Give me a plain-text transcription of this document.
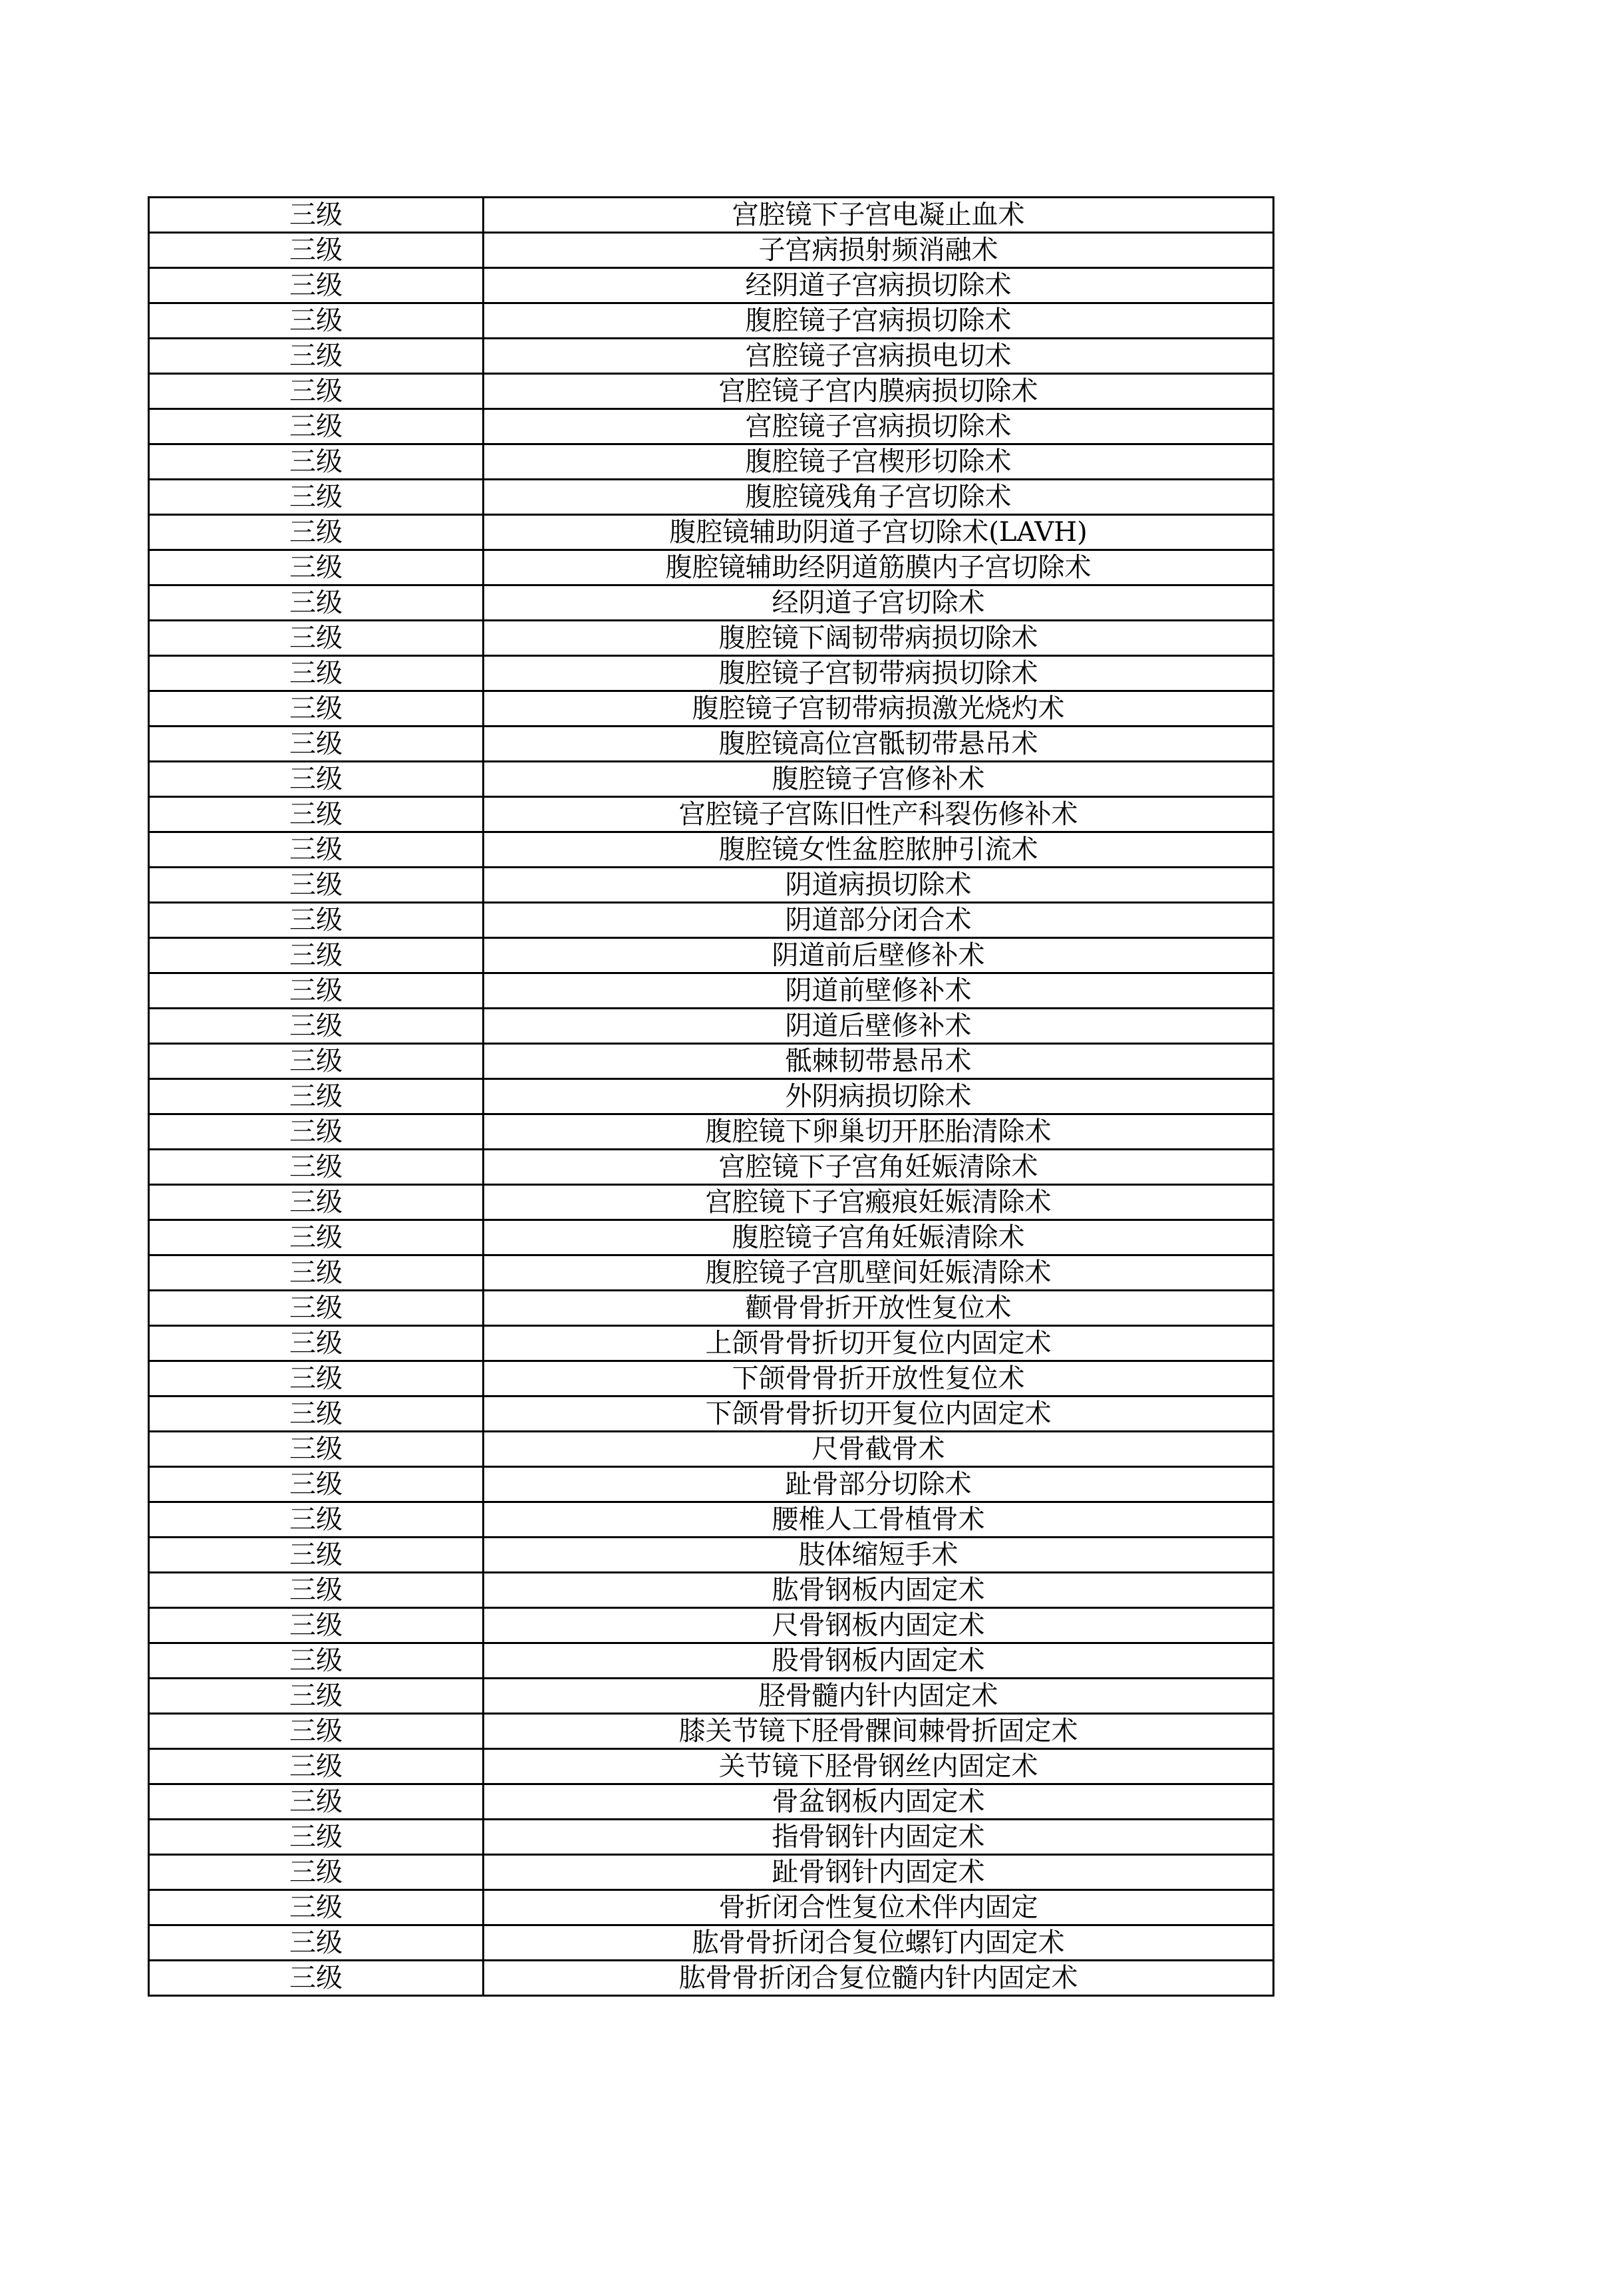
三级	宫腔镜下子宫电凝止血术
三级	子宫病损射频消融术
三级	经阴道子宫病损切除术
三级	腹腔镜子宫病损切除术
三级	宫腔镜子宫病损电切术
三级	宫腔镜子宫内膜病损切除术
三级	宫腔镜子宫病损切除术
三级	腹腔镜子宫楔形切除术
三级	腹腔镜残角子宫切除术
三级	腹腔镜辅助阴道子宫切除术(LAVH)
三级	腹腔镜辅助经阴道筋膜内子宫切除术
三级	经阴道子宫切除术
三级	腹腔镜下阔韧带病损切除术
三级	腹腔镜子宫韧带病损切除术
三级	腹腔镜子宫韧带病损激光烧灼术
三级	腹腔镜高位宫骶韧带悬吊术
三级	腹腔镜子宫修补术
三级	宫腔镜子宫陈旧性产科裂伤修补术
三级	腹腔镜女性盆腔脓肿引流术
三级	阴道病损切除术
三级	阴道部分闭合术
三级	阴道前后壁修补术
三级	阴道前壁修补术
三级	阴道后壁修补术
三级	骶棘韧带悬吊术
三级	外阴病损切除术
三级	腹腔镜下卵巢切开胚胎清除术
三级	宫腔镜下子宫角妊娠清除术
三级	宫腔镜下子宫瘢痕妊娠清除术
三级	腹腔镜子宫角妊娠清除术
三级	腹腔镜子宫肌壁间妊娠清除术
三级	颧骨骨折开放性复位术
三级	上颌骨骨折切开复位内固定术
三级	下颌骨骨折开放性复位术
三级	下颌骨骨折切开复位内固定术
三级	尺骨截骨术
三级	趾骨部分切除术
三级	腰椎人工骨植骨术
三级	肢体缩短手术
三级	肱骨钢板内固定术
三级	尺骨钢板内固定术
三级	股骨钢板内固定术
三级	胫骨髓内针内固定术
三级	膝关节镜下胫骨髁间棘骨折固定术
三级	关节镜下胫骨钢丝内固定术
三级	骨盆钢板内固定术
三级	指骨钢针内固定术
三级	趾骨钢针内固定术
三级	骨折闭合性复位术伴内固定
三级	肱骨骨折闭合复位螺钉内固定术
三级	肱骨骨折闭合复位髓内针内固定术
